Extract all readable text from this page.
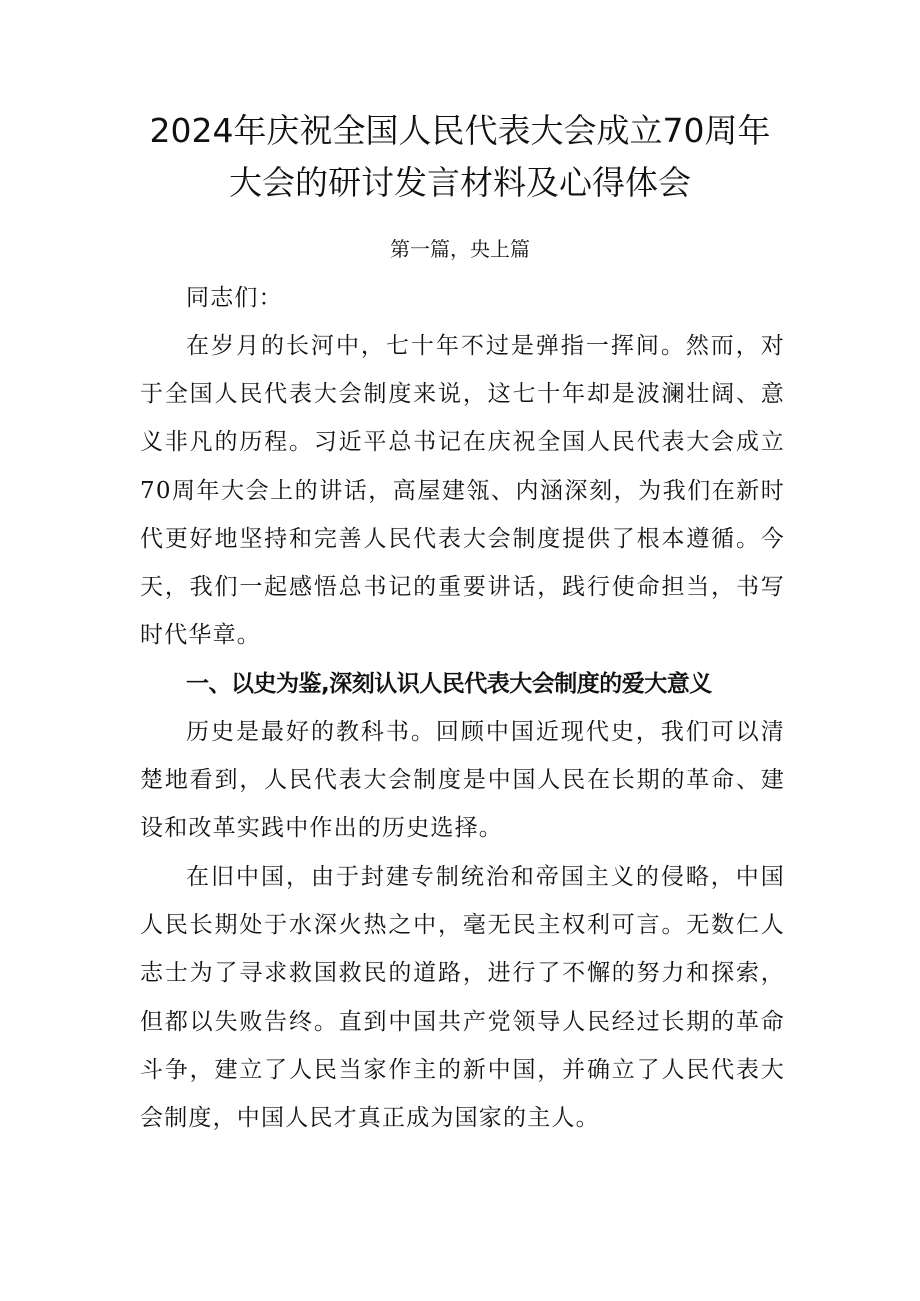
2024年庆祝全国人民代表大会成立70周年
大会的研讨发言材料及心得体会
第一篇，央上篇

同志们：

在岁月的长河中，七十年不过是弹指一挥间。然而，对于全国人民代表大会制度来说，这七十年却是波澜壮阔、意义非凡的历程。习近平总书记在庆祝全国人民代表大会成立70周年大会上的讲话，高屋建瓴、内涵深刻，为我们在新时代更好地坚持和完善人民代表大会制度提供了根本遵循。今天，我们一起感悟总书记的重要讲话，践行使命担当，书写时代华章。

一、以史为鉴,深刻认识人民代表大会制度的爱大意义

历史是最好的教科书。回顾中国近现代史，我们可以清楚地看到，人民代表大会制度是中国人民在长期的革命、建设和改革实践中作出的历史选择。

在旧中国，由于封建专制统治和帝国主义的侵略，中国人民长期处于水深火热之中，毫无民主权利可言。无数仁人志士为了寻求救国救民的道路，进行了不懈的努力和探索，但都以失败告终。直到中国共产党领导人民经过长期的革命斗争，建立了人民当家作主的新中国，并确立了人民代表大会制度，中国人民才真正成为国家的主人。
